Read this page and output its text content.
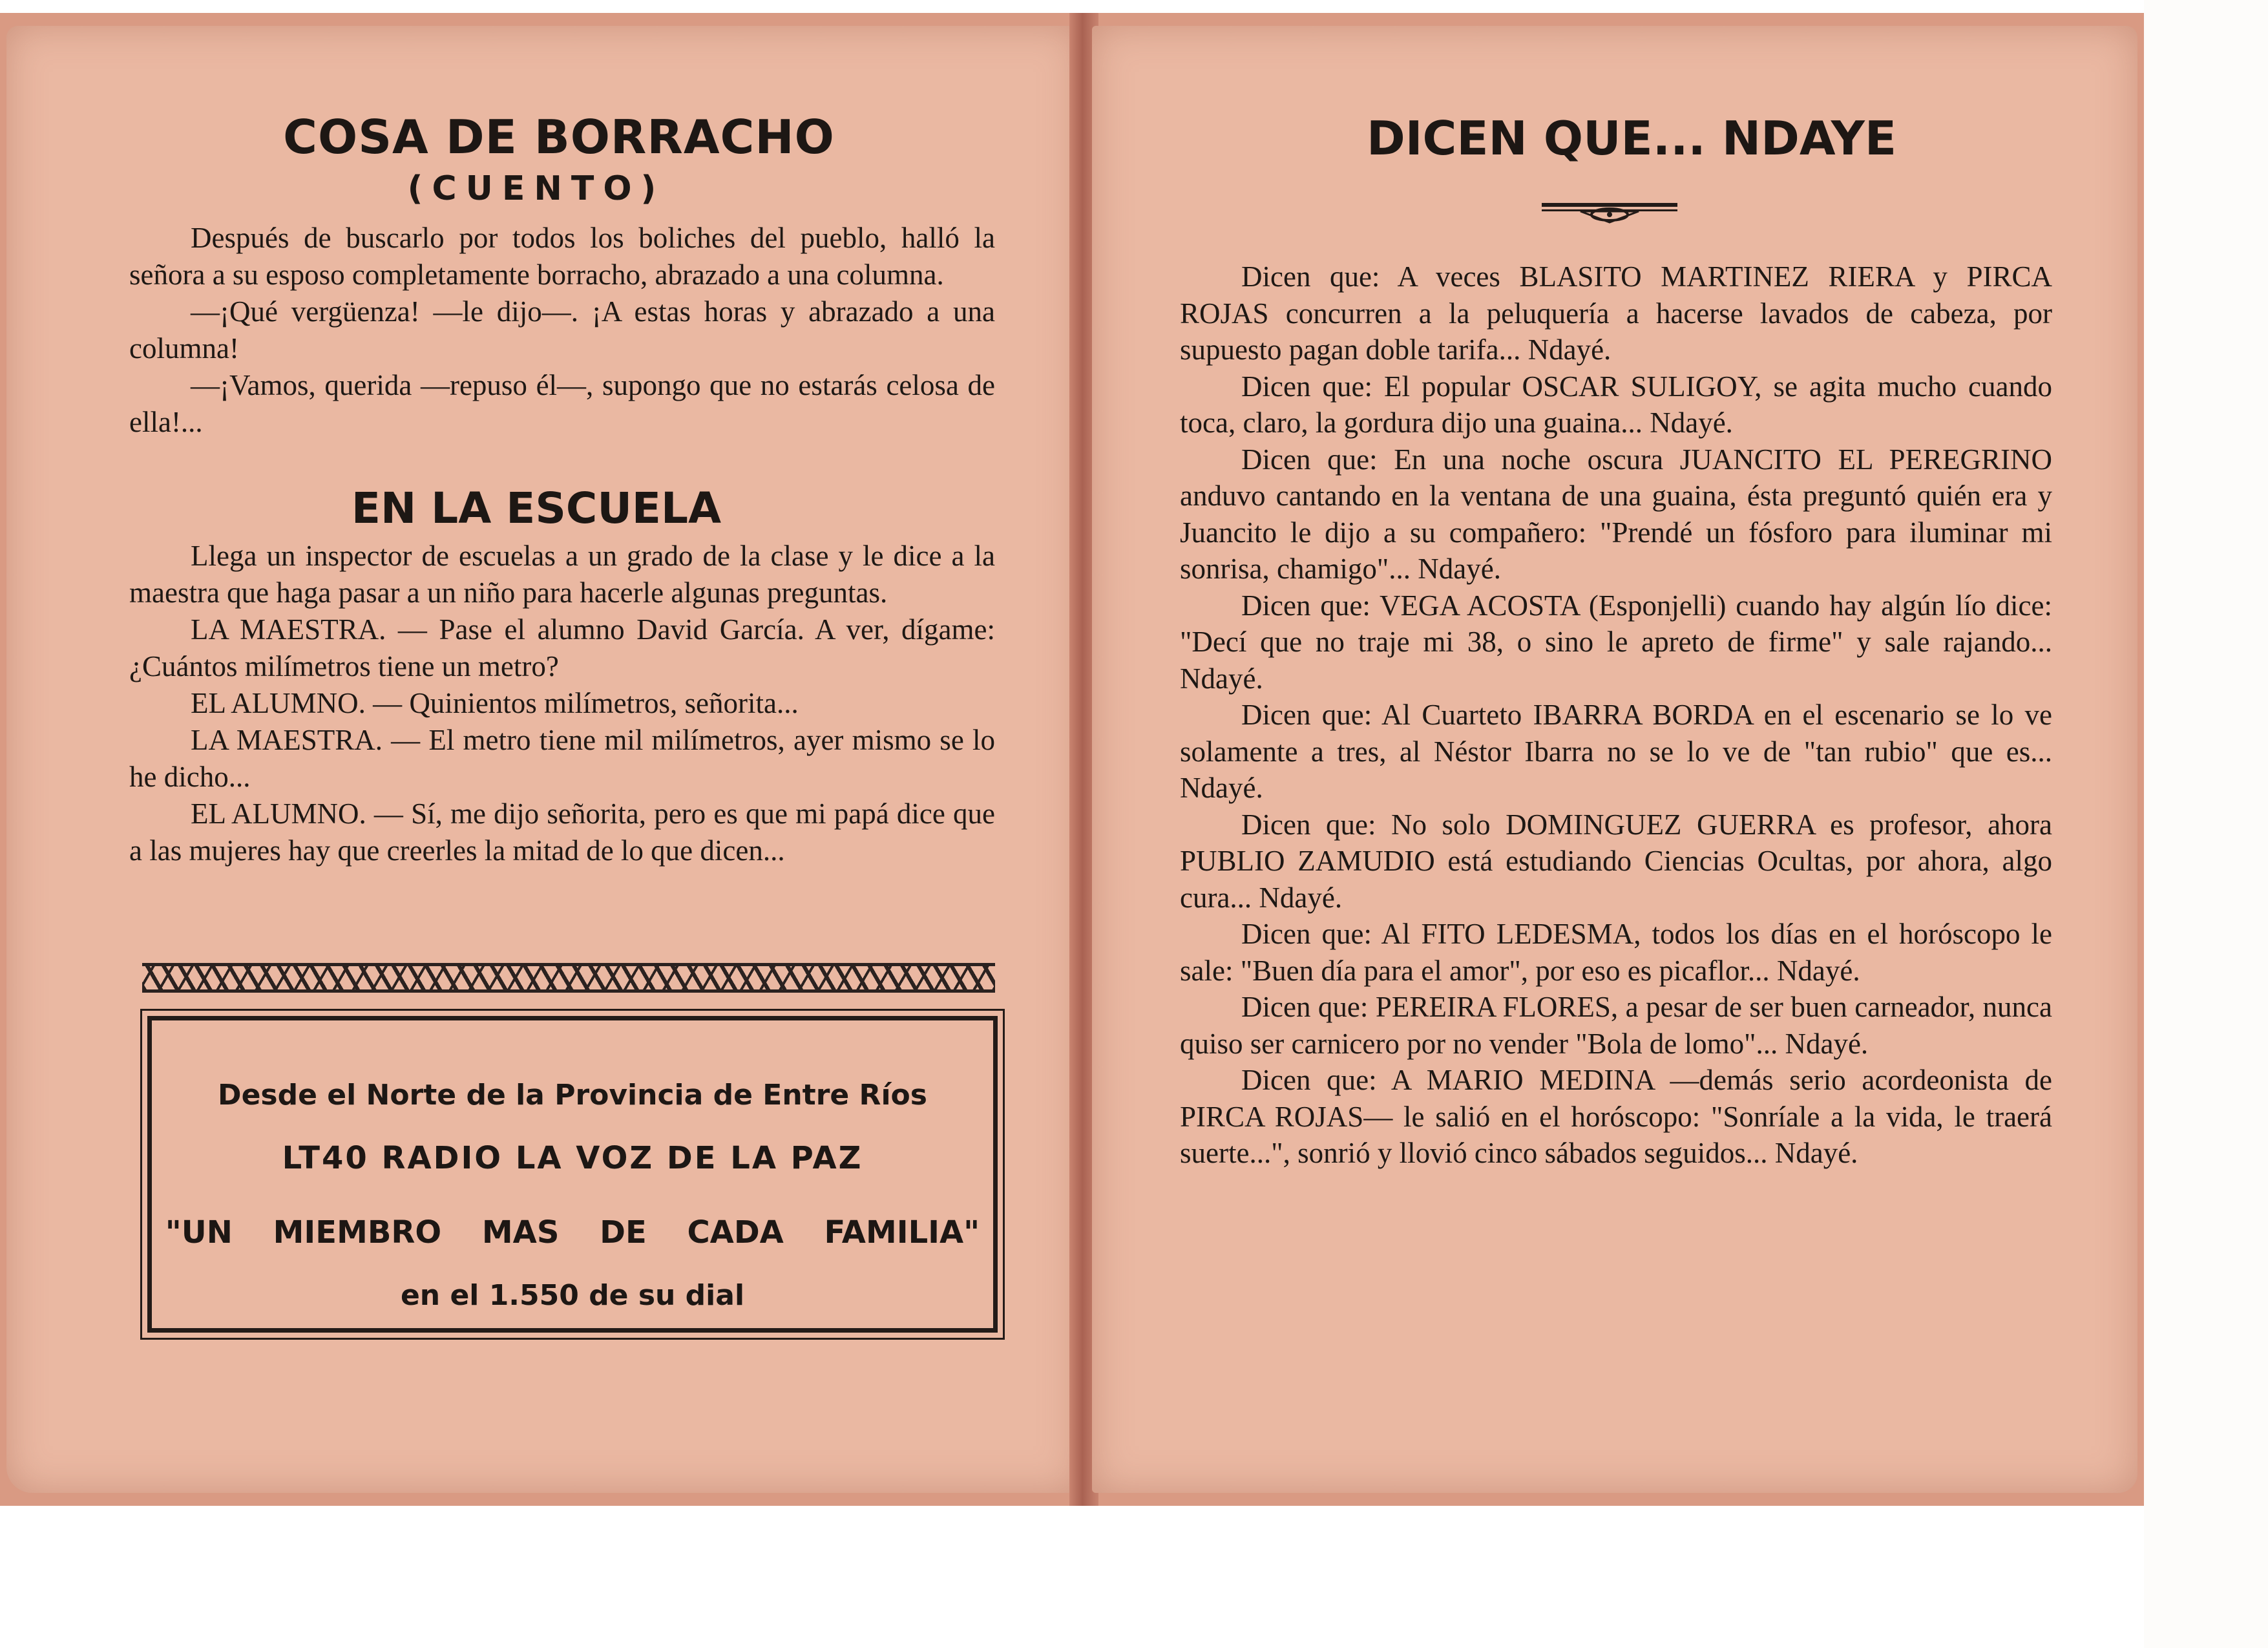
COSA DE BORRACHO
(CUENTO)

Después de buscarlo por todos los boliches del pueblo, halló la señora a su esposo completamente borracho, abrazado a una columna.

—¡Qué vergüenza! —le dijo—. ¡A estas horas y abrazado a una columna!

—¡Vamos, querida —repuso él—, supongo que no estarás celosa de ella!...

EN LA ESCUELA

Llega un inspector de escuelas a un grado de la clase y le dice a la maestra que haga pasar a un niño para hacerle algunas preguntas.

LA MAESTRA. — Pase el alumno David García. A ver, dígame: ¿Cuántos milímetros tiene un metro?

EL ALUMNO. — Quinientos milímetros, señorita...

LA MAESTRA. — El metro tiene mil milímetros, ayer mismo se lo he dicho...

EL ALUMNO. — Sí, me dijo señorita, pero es que mi papá dice que a las mujeres hay que creerles la mitad de lo que dicen...

Desde el Norte de la Provincia de Entre Ríos

LT40 RADIO LA VOZ DE LA PAZ

"UN MIEMBRO MAS DE CADA FAMILIA"

en el 1.550 de su dial

DICEN QUE... NDAYE

Dicen que: A veces BLASITO MARTINEZ RIERA y PIRCA ROJAS concurren a la peluquería a hacerse lavados de cabeza, por supuesto pagan doble tarifa... Ndayé.

Dicen que: El popular OSCAR SULIGOY, se agita mucho cuando toca, claro, la gordura dijo una guaina... Ndayé.

Dicen que: En una noche oscura JUANCITO EL PEREGRINO anduvo cantando en la ventana de una guaina, ésta preguntó quién era y Juancito le dijo a su compañero: "Prendé un fósforo para iluminar mi sonrisa, chamigo"... Ndayé.

Dicen que: VEGA ACOSTA (Esponjelli) cuando hay algún lío dice: "Decí que no traje mi 38, o sino le apreto de firme" y sale rajando... Ndayé.

Dicen que: Al Cuarteto IBARRA BORDA en el escenario se lo ve solamente a tres, al Néstor Ibarra no se lo ve de "tan rubio" que es... Ndayé.

Dicen que: No solo DOMINGUEZ GUERRA es profesor, ahora PUBLIO ZAMUDIO está estudiando Ciencias Ocultas, por ahora, algo cura... Ndayé.

Dicen que: Al FITO LEDESMA, todos los días en el horóscopo le sale: "Buen día para el amor", por eso es picaflor... Ndayé.

Dicen que: PEREIRA FLORES, a pesar de ser buen carneador, nunca quiso ser carnicero por no vender "Bola de lomo"... Ndayé.

Dicen que: A MARIO MEDINA —demás serio acordeonista de PIRCA ROJAS— le salió en el horóscopo: "Sonríale a la vida, le traerá suerte...", sonrió y llovió cinco sábados seguidos... Ndayé.
